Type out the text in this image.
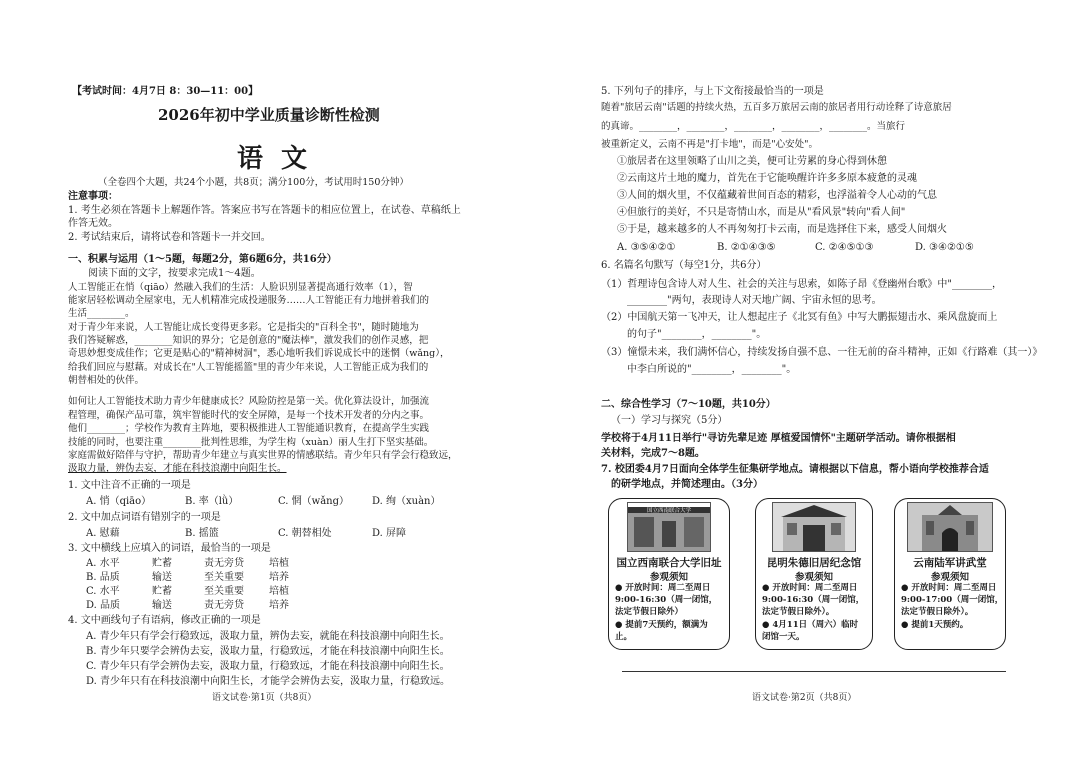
【考试时间：4月7日 8：30—11：00】
2026年初中学业质量诊断性检测
语文
（全卷四个大题，共24个小题，共8页；满分100分，考试用时150分钟）
注意事项：
1. 考生必须在答题卡上解题作答。答案应书写在答题卡的相应位置上，在试卷、草稿纸上
作答无效。
2. 考试结束后，请将试卷和答题卡一并交回。
一、积累与运用（1～5题，每题2分，第6题6分，共16分）
阅读下面的文字，按要求完成1～4题。
人工智能正在悄（qiāo）然融入我们的生活：人脸识别显著提高通行效率（1），智
能家居轻松调动全屋家电，无人机精准完成投递服务……人工智能正有力地拼着我们的
生活________。
对于青少年来说，人工智能让成长变得更多彩。它是指尖的"百科全书"，随时随地为
我们答疑解惑，________知识的界分；它是创意的"魔法棒"，激发我们的创作灵感，把
奇思妙想变成佳作；它更是贴心的"精神树洞"，悉心地听我们诉说成长中的迷惘（wǎng），
给我们回应与慰藉。对成长在"人工智能摇篮"里的青少年来说，人工智能正成为我们的
朝替相处的伙伴。
如何让人工智能技术助力青少年健康成长？风险防控是第一关。优化算法设计，加强流
程管理，确保产品可靠，筑牢智能时代的安全屏障，是每一个技术开发者的分内之事。
他们________；学校作为教育主阵地，要积极推进人工智能通识教育，在提高学生实践
技能的同时，也要注重________批判性思维，为学生构（xuàn）丽人生打下坚实基础。
家庭需做好陪伴与守护，帮助青少年建立与真实世界的情感联结。青少年只有学会行稳致远，
汲取力量，辨伪去妄，才能在科技浪潮中向阳生长。
1. 文中注音不正确的一项是
A. 悄（qiāo）	B. 率（lǜ）	C. 惘（wǎng） D. 绚（xuàn）
2. 文中加点词语有错别字的一项是
A. 慰藉	B. 摇篮	C. 朝替相处	D. 屏障
3. 文中横线上应填入的词语，最恰当的一项是
A. 水平	贮蓄	责无旁贷	培植
B. 品质	输送	至关重要	培养
C. 水平	贮蓄	至关重要	培植
D. 品质	输送	责无旁贷	培养
4. 文中画线句子有语病，修改正确的一项是
A. 青少年只有学会行稳致远，汲取力量，辨伪去妄，就能在科技浪潮中向阳生长。
B. 青少年只要学会辨伪去妄，汲取力量，行稳致远，才能在科技浪潮中向阳生长。
C. 青少年只有学会辨伪去妄，汲取力量，行稳致远，才能在科技浪潮中向阳生长。
D. 青少年只有在科技浪潮中向阳生长，才能学会辨伪去妄，汲取力量，行稳致远。
语文试卷·第1页（共8页）
5. 下列句子的排序，与上下文衔接最恰当的一项是
随着"旅居云南"话题的持续火热，五百多万旅居云南的旅居者用行动诠释了诗意旅居
的真谛。________，________，________，________，________。当旅行
被重新定义，云南不再是"打卡地"，而是"心安处"。
①旅居者在这里领略了山川之美，便可让劳累的身心得到休憩
②云南这片土地的魔力，首先在于它能唤醒许许多多原本疲惫的灵魂
③人间的烟火里，不仅蕴藏着世间百态的精彩，也浮溢着令人心动的气息
④但旅行的美好，不只是寄情山水，而是从"看风景"转向"看人间"
⑤于是，越来越多的人不再匆匆打卡云南，而是选择住下来，感受人间烟火
A. ③⑤④②①	B. ②①④③⑤	C. ②④⑤①③	D. ③④②①⑤
6. 名篇名句默写（每空1分，共6分）
（1）哲理诗包含诗人对人生、社会的关注与思索，如陈子昂《登幽州台歌》中"________，
________"两句，表现诗人对天地广阔、宇宙永恒的思考。
（2）中国航天第一飞冲天，让人想起庄子《北冥有鱼》中写大鹏振翅击水、乘风盘旋而上
的句子"________，________"。
（3）憧憬未来，我们满怀信心，持续发扬自强不息、一往无前的奋斗精神，正如《行路难（其一）》
中李白所说的"________，________"。
二、综合性学习（7～10题，共10分）
（一）学习与探究（5分）
学校将于4月11日举行"寻访先辈足迹 厚植爱国情怀"主题研学活动。请你根据相
关材料，完成7～8题。
7. 校团委4月7日面向全体学生征集研学地点。请根据以下信息，帮小语向学校推荐合适
的研学地点，并简述理由。（3分）
国立西南联合大学
国立西南联合大学旧址
参观须知
● 开放时间：周二至周日
9:00-16:30（周一闭馆，
法定节假日除外）
● 提前7天预约，额满为
止。
昆明朱德旧居纪念馆
参观须知
● 开放时间：周二至周日
9:00-16:30（周一闭馆，
法定节假日除外）。
● 4月11日（周六）临时
闭馆一天。
云南陆军讲武堂
参观须知
● 开放时间：周二至周日
9:00-17:00（周一闭馆，
法定节假日除外）。
● 提前1天预约。
语文试卷·第2页（共8页）
